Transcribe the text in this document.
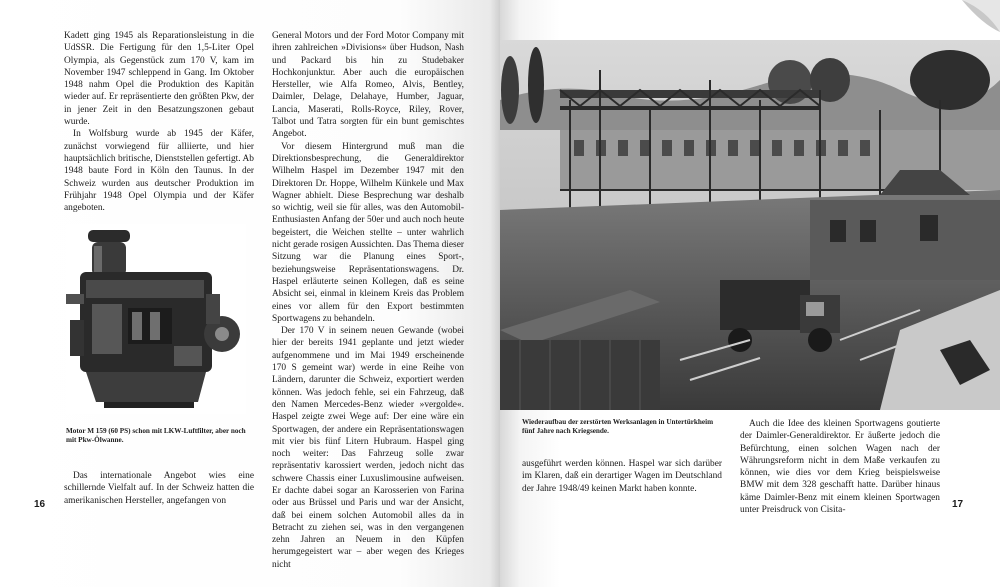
Kadett ging 1945 als Reparationsleistung in die UdSSR. Die Fertigung für den 1,5-Liter Opel Olympia, als Gegenstück zum 170 V, kam im November 1947 schleppend in Gang. Im Oktober 1948 nahm Opel die Produktion des Kapitän wieder auf. Er repräsentierte den größten Pkw, der in jener Zeit in den Besatzungszonen gebaut wurde.

In Wolfsburg wurde ab 1945 der Käfer, zunächst vorwiegend für alliierte, und hier hauptsächlich britische, Dienststellen gefertigt. Ab 1948 baute Ford in Köln den Taunus. In der Schweiz wurden aus deutscher Produktion im Frühjahr 1948 Opel Olympia und der Käfer angeboten.

Motor M 159 (60 PS) schon mit LKW-Luftfilter, aber noch mit Pkw-Ölwanne.

Das internationale Angebot wies eine schillernde Vielfalt auf. In der Schweiz hatten die amerikanischen Hersteller, angefangen von

General Motors und der Ford Motor Company mit ihren zahlreichen »Divisions« über Hudson, Nash und Packard bis hin zu Studebaker Hochkonjunktur. Aber auch die europäischen Hersteller, wie Alfa Romeo, Alvis, Bentley, Daimler, Delage, Delahaye, Humber, Jaguar, Lancia, Maserati, Rolls-Royce, Riley, Rover, Talbot und Tatra sorgten für ein bunt gemischtes Angebot.

Vor diesem Hintergrund muß man die Direktionsbesprechung, die Generaldirektor Wilhelm Haspel im Dezember 1947 mit den Direktoren Dr. Hoppe, Wilhelm Künkele und Max Wagner abhielt. Diese Besprechung war deshalb so wichtig, weil sie für alles, was den Automobil-Enthusiasten Anfang der 50er und auch noch heute begeistert, die Weichen stellte – unter wahrlich nicht gerade rosigen Aussichten. Das Thema dieser Sitzung war die Planung eines Sport-, beziehungsweise Repräsentationswagens. Dr. Haspel erläuterte seinen Kollegen, daß es seine Absicht sei, einmal in kleinem Kreis das Problem eines vor allem für den Export bestimmten Sportwagens zu behandeln.

Der 170 V in seinem neuen Gewande (wobei hier der bereits 1941 geplante und jetzt wieder aufgenommene und im Mai 1949 erscheinende 170 S gemeint war) werde in eine Reihe von Ländern, darunter die Schweiz, exportiert werden können. Was jedoch fehle, sei ein Fahrzeug, daß den Namen Mercedes-Benz wieder »vergolde«. Haspel zeigte zwei Wege auf: Der eine wäre ein Sportwagen, der andere ein Repräsentationswagen mit vier bis fünf Litern Hubraum. Haspel ging noch weiter: Das Fahrzeug solle zwar repräsentativ karossiert werden, jedoch nicht das schwere Chassis einer Luxuslimousine aufweisen. Er dachte dabei sogar an Karosserien von Farina oder aus Brüssel und Paris und war der Ansicht, daß bei einem solchen Automobil alles da in Betracht zu ziehen sei, was in den vergangenen zehn Jahren an Neuem in den Küpfen herumgegeistert war – aber wegen des Krieges nicht

16
Wiederaufbau der zerstörten Werksanlagen in Untertürkheim fünf Jahre nach Kriegsende.

ausgeführt werden können. Haspel war sich darüber im Klaren, daß ein derartiger Wagen im Deutschland der Jahre 1948/49 keinen Markt haben konnte.

Auch die Idee des kleinen Sportwagens goutierte der Daimler-Generaldirektor. Er äußerte jedoch die Befürchtung, einen solchen Wagen nach der Währungsreform nicht in dem Maße verkaufen zu können, wie dies vor dem Krieg beispielsweise BMW mit dem 328 geschafft hatte. Darüber hinaus käme Daimler-Benz mit einem kleinen Sportwagen unter Preisdruck von Cisita-

17
